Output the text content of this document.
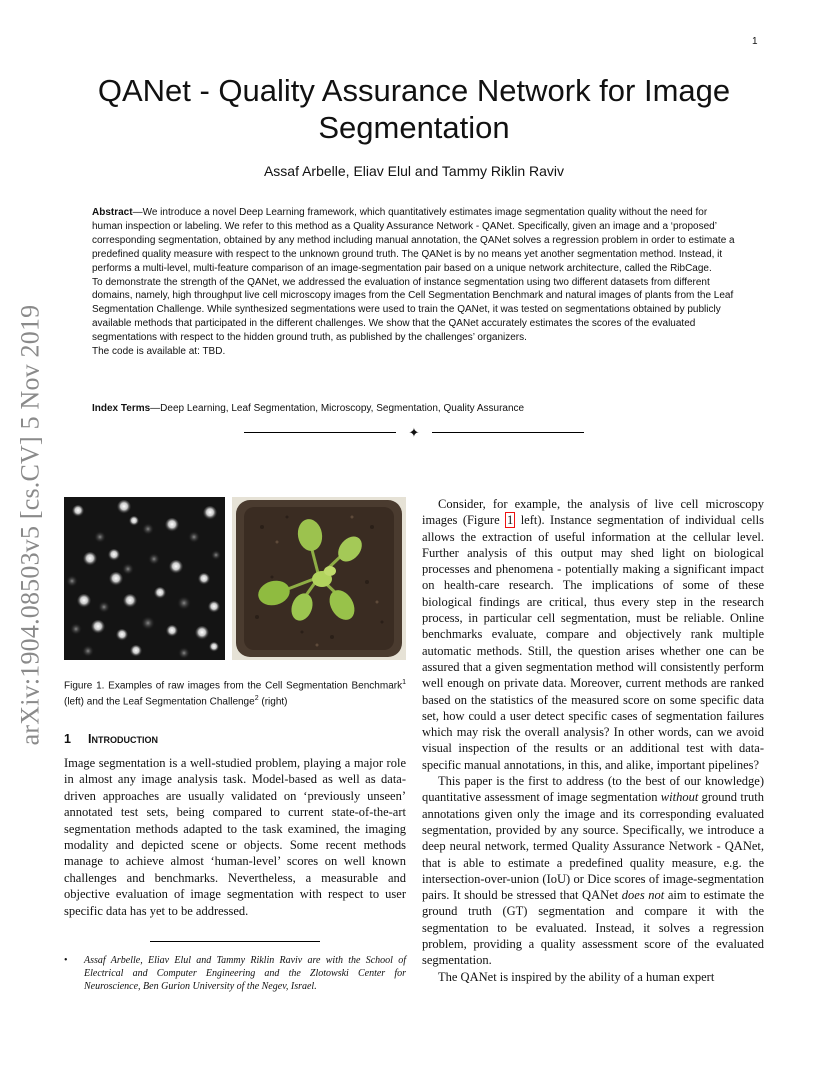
1
arXiv:1904.08503v5 [cs.CV] 5 Nov 2019
QANet - Quality Assurance Network for Image Segmentation
Assaf Arbelle, Eliav Elul and Tammy Riklin Raviv

Abstract—We introduce a novel Deep Learning framework, which quantitatively estimates image segmentation quality without the need for human inspection or labeling. We refer to this method as a Quality Assurance Network - QANet. Specifically, given an image and a ‘proposed’ corresponding segmentation, obtained by any method including manual annotation, the QANet solves a regression problem in order to estimate a predefined quality measure with respect to the unknown ground truth. The QANet is by no means yet another segmentation method. Instead, it performs a multi-level, multi-feature comparison of an image-segmentation pair based on a unique network architecture, called the RibCage.

To demonstrate the strength of the QANet, we addressed the evaluation of instance segmentation using two different datasets from different domains, namely, high throughput live cell microscopy images from the Cell Segmentation Benchmark and natural images of plants from the Leaf Segmentation Challenge. While synthesized segmentations were used to train the QANet, it was tested on segmentations obtained by publicly available methods that participated in the different challenges. We show that the QANet accurately estimates the scores of the evaluated segmentations with respect to the hidden ground truth, as published by the challenges’ organizers.

The code is available at: TBD.

Index Terms—Deep Learning, Leaf Segmentation, Microscopy, Segmentation, Quality Assurance
✦
Figure 1. Examples of raw images from the Cell Segmentation Benchmark$^1$ (left) and the Leaf Segmentation Challenge$^2$ (right)
1 Introduction

Image segmentation is a well-studied problem, playing a major role in almost any image analysis task. Model-based as well as data-driven approaches are usually validated on ‘previously unseen’ annotated test sets, being compared to current state-of-the-art segmentation methods adapted to the task examined, the imaging modality and depicted scene or objects. Some recent methods manage to achieve almost ‘human-level’ scores on well known challenges and benchmarks. Nevertheless, a measurable and objective evaluation of image segmentation with respect to user specific data has yet to be addressed.

• Assaf Arbelle, Eliav Elul and Tammy Riklin Raviv are with the School of Electrical and Computer Engineering and the Zlotowski Center for Neuroscience, Ben Gurion University of the Negev, Israel.

Consider, for example, the analysis of live cell microscopy images (Figure 1 left). Instance segmentation of individual cells allows the extraction of useful information at the cellular level. Further analysis of this output may shed light on biological processes and phenomena - potentially making a significant impact on health-care research. The implications of some of these biological findings are critical, thus every step in the research process, in particular cell segmentation, must be reliable. Online benchmarks evaluate, compare and objectively rank multiple automatic methods. Still, the question arises whether one can be assured that a given segmentation method will consistently perform well enough on private data. Moreover, current methods are ranked based on the statistics of the measured score on some specific data set, how could a user detect specific cases of segmentation failures which may risk the overall analysis? In other words, can we avoid visual inspection of the results or an additional test with data-specific manual annotations, in this, and alike, important pipelines?

This paper is the first to address (to the best of our knowledge) quantitative assessment of image segmentation without ground truth annotations given only the image and its corresponding evaluated segmentation, provided by any source. Specifically, we introduce a deep neural network, termed Quality Assurance Network - QANet, that is able to estimate a predefined quality measure, e.g. the intersection-over-union (IoU) or Dice scores of image-segmentation pairs. It should be stressed that QANet does not aim to estimate the ground truth (GT) segmentation and compare it with the segmentation to be evaluated. Instead, it solves a regression problem, providing a quality assessment score of the evaluated segmentation.

The QANet is inspired by the ability of a human expert
